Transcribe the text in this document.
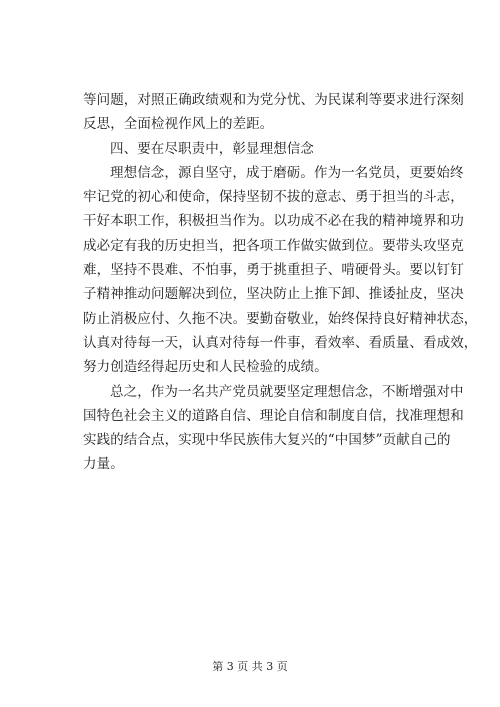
等问题，对照正确政绩观和为党分忧、为民谋利等要求进行深刻
反思，全面检视作风上的差距。
四、要在尽职责中，彰显理想信念
理想信念，源自坚守，成于磨砺。作为一名党员，更要始终
牢记党的初心和使命，保持坚韧不拔的意志、勇于担当的斗志，
干好本职工作，积极担当作为。以功成不必在我的精神境界和功
成必定有我的历史担当，把各项工作做实做到位。要带头攻坚克
难，坚持不畏难、不怕事，勇于挑重担子、啃硬骨头。要以钉钉
子精神推动问题解决到位，坚决防止上推下卸、推诿扯皮，坚决
防止消极应付、久拖不决。要勤奋敬业，始终保持良好精神状态，
认真对待每一天，认真对待每一件事，看效率、看质量、看成效，
努力创造经得起历史和人民检验的成绩。
总之，作为一名共产党员就要坚定理想信念，不断增强对中
国特色社会主义的道路自信、理论自信和制度自信，找准理想和
实践的结合点，实现中华民族伟大复兴的“中国梦”贡献自己的
力量。
第 3 页 共 3 页
